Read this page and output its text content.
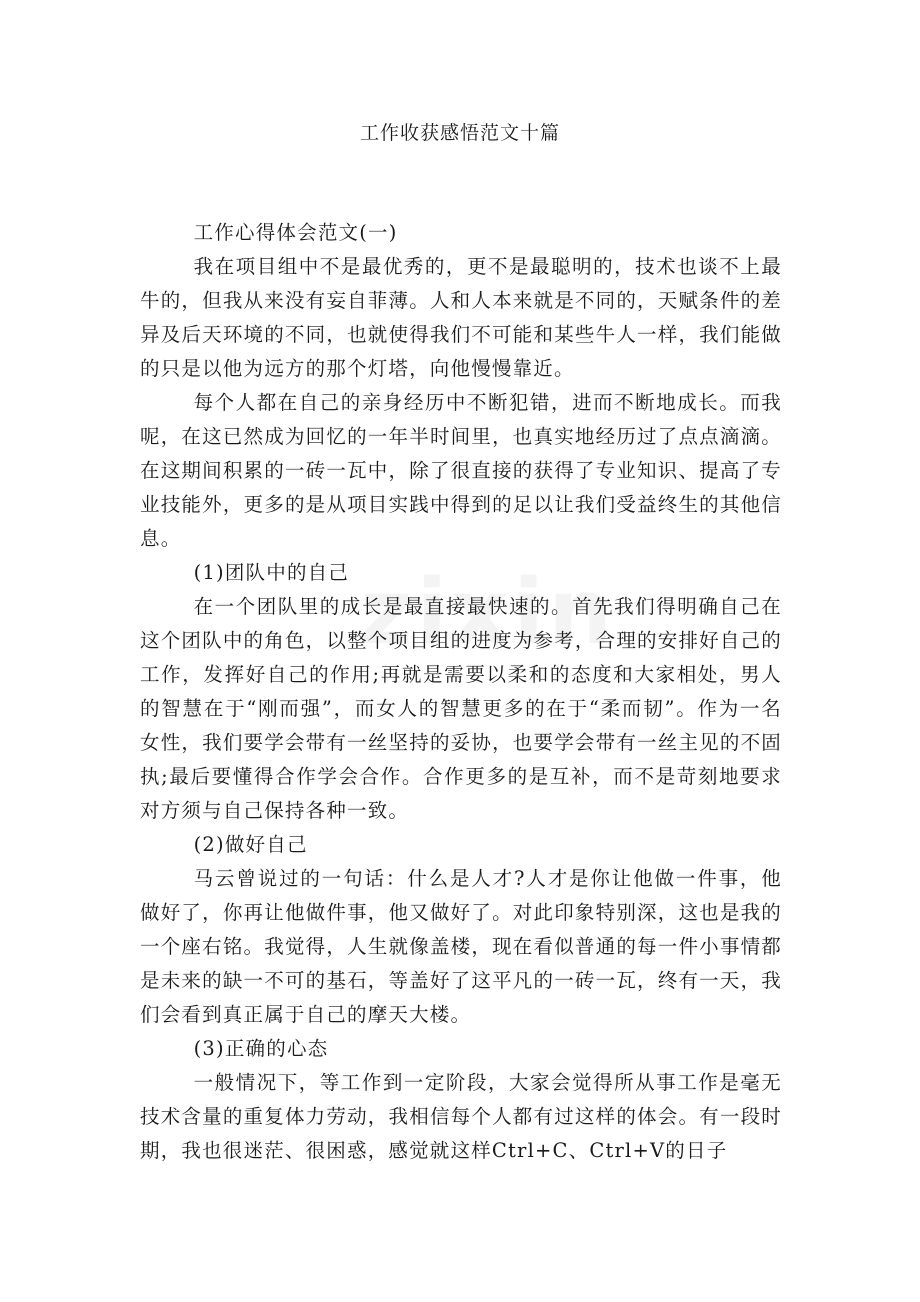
工作收获感悟范文十篇

工作心得体会范文(一)

我在项目组中不是最优秀的，更不是最聪明的，技术也谈不上最牛的，但我从来没有妄自菲薄。人和人本来就是不同的，天赋条件的差异及后天环境的不同，也就使得我们不可能和某些牛人一样，我们能做的只是以他为远方的那个灯塔，向他慢慢靠近。

每个人都在自己的亲身经历中不断犯错，进而不断地成长。而我呢，在这已然成为回忆的一年半时间里，也真实地经历过了点点滴滴。在这期间积累的一砖一瓦中，除了很直接的获得了专业知识、提高了专业技能外，更多的是从项目实践中得到的足以让我们受益终生的其他信息。

(1)团队中的自己

在一个团队里的成长是最直接最快速的。首先我们得明确自己在这个团队中的角色，以整个项目组的进度为参考，合理的安排好自己的工作，发挥好自己的作用;再就是需要以柔和的态度和大家相处，男人的智慧在于“刚而强”，而女人的智慧更多的在于“柔而韧”。作为一名女性，我们要学会带有一丝坚持的妥协，也要学会带有一丝主见的不固执;最后要懂得合作学会合作。合作更多的是互补，而不是苛刻地要求对方须与自己保持各种一致。

(2)做好自己

马云曾说过的一句话：什么是人才?人才是你让他做一件事，他做好了，你再让他做件事，他又做好了。对此印象特别深，这也是我的一个座右铭。我觉得，人生就像盖楼，现在看似普通的每一件小事情都是未来的缺一不可的基石，等盖好了这平凡的一砖一瓦，终有一天，我们会看到真正属于自己的摩天大楼。

(3)正确的心态

一般情况下，等工作到一定阶段，大家会觉得所从事工作是毫无技术含量的重复体力劳动，我相信每个人都有过这样的体会。有一段时期，我也很迷茫、很困惑，感觉就这样Ctrl+C、Ctrl+V的日子
